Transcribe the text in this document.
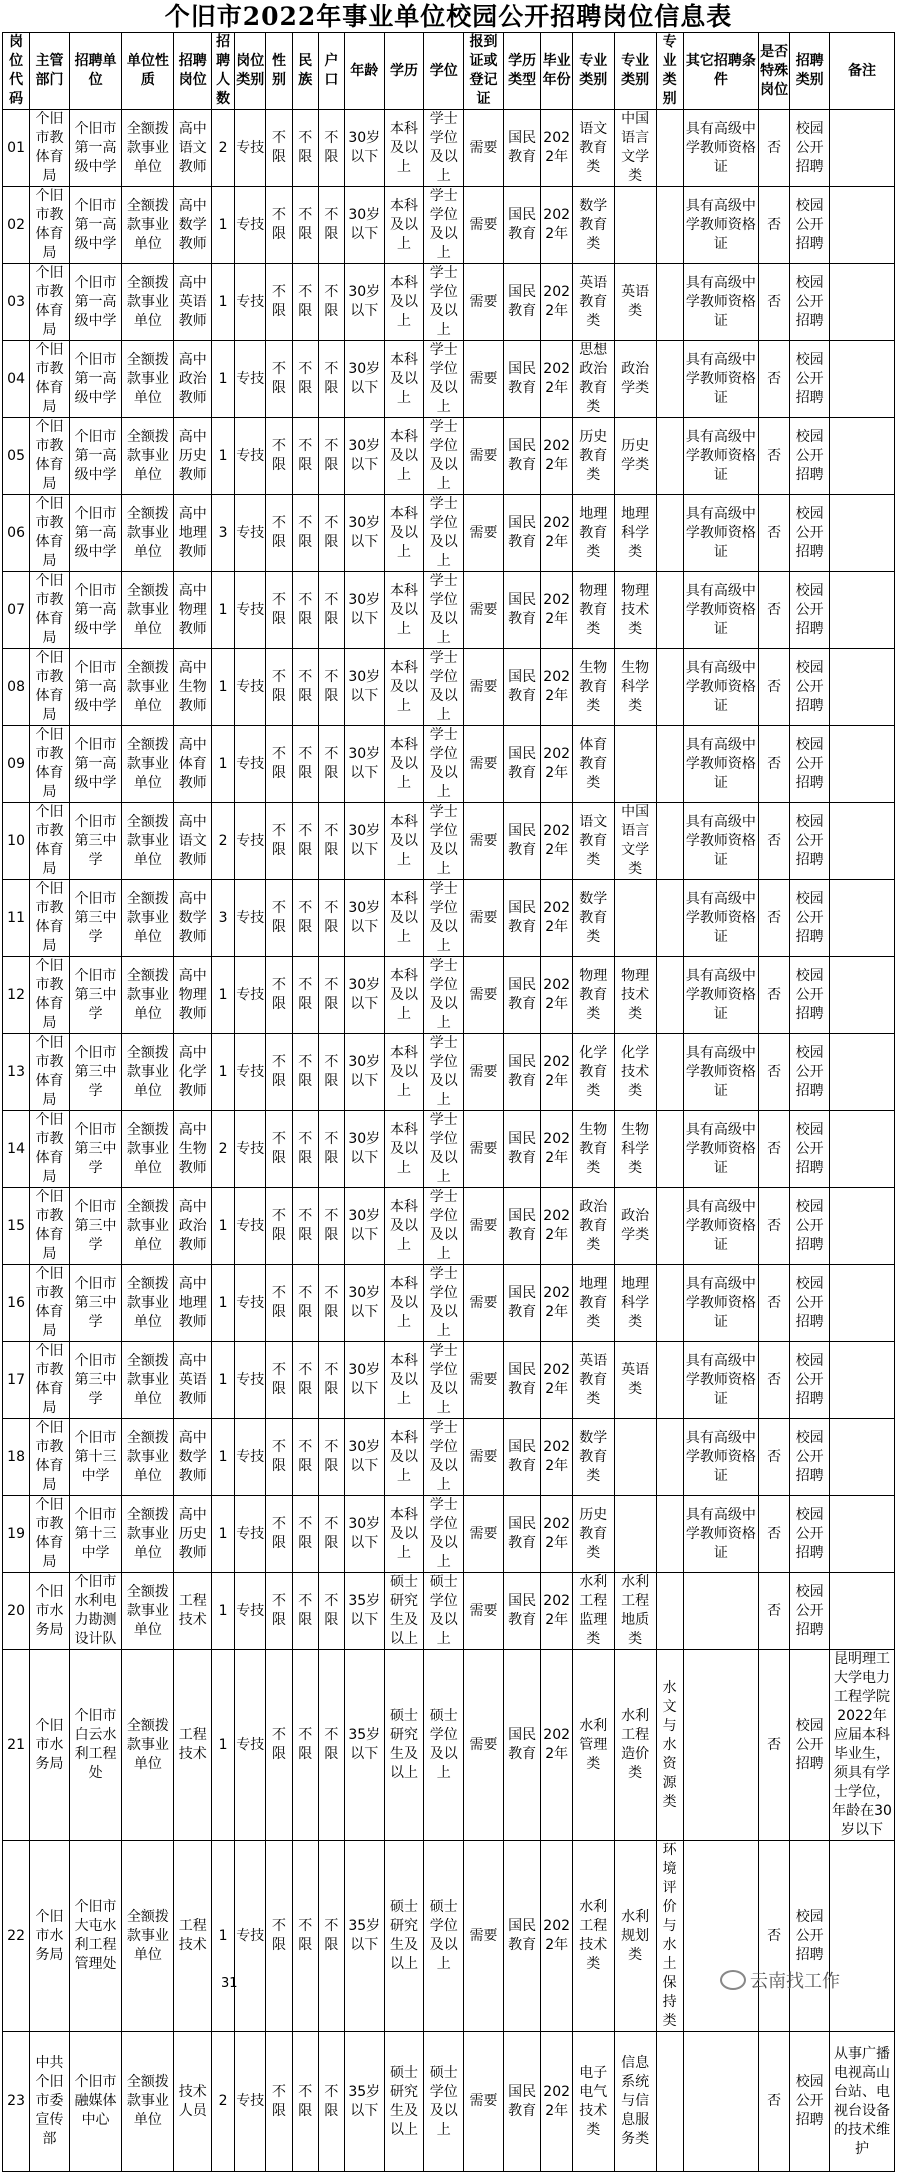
个旧市2022年事业单位校园公开招聘岗位信息表
岗位代码	主管部门	招聘单位	单位性质	招聘岗位	招聘人数	岗位类别	性别	民族	户口	年龄	学历	学位	报到证或登记证	学历类型	毕业年份	专业类别	专业类别	专业类别	其它招聘条件	是否特殊岗位	招聘类别	备注
01	个旧市教体育局	个旧市第一高级中学	全额拨款事业单位	高中语文教师	2	专技	不限	不限	不限	30岁以下	本科及以上	学士学位及以上	需要	国民教育	2022年	语文教育类	中国语言文学类		具有高级中学教师资格证	否	校园公开招聘	
02	个旧市教体育局	个旧市第一高级中学	全额拨款事业单位	高中数学教师	1	专技	不限	不限	不限	30岁以下	本科及以上	学士学位及以上	需要	国民教育	2022年	数学教育类			具有高级中学教师资格证	否	校园公开招聘	
03	个旧市教体育局	个旧市第一高级中学	全额拨款事业单位	高中英语教师	1	专技	不限	不限	不限	30岁以下	本科及以上	学士学位及以上	需要	国民教育	2022年	英语教育类	英语类		具有高级中学教师资格证	否	校园公开招聘	
04	个旧市教体育局	个旧市第一高级中学	全额拨款事业单位	高中政治教师	1	专技	不限	不限	不限	30岁以下	本科及以上	学士学位及以上	需要	国民教育	2022年	思想政治教育类	政治学类		具有高级中学教师资格证	否	校园公开招聘	
05	个旧市教体育局	个旧市第一高级中学	全额拨款事业单位	高中历史教师	1	专技	不限	不限	不限	30岁以下	本科及以上	学士学位及以上	需要	国民教育	2022年	历史教育类	历史学类		具有高级中学教师资格证	否	校园公开招聘	
06	个旧市教体育局	个旧市第一高级中学	全额拨款事业单位	高中地理教师	3	专技	不限	不限	不限	30岁以下	本科及以上	学士学位及以上	需要	国民教育	2022年	地理教育类	地理科学类		具有高级中学教师资格证	否	校园公开招聘	
07	个旧市教体育局	个旧市第一高级中学	全额拨款事业单位	高中物理教师	1	专技	不限	不限	不限	30岁以下	本科及以上	学士学位及以上	需要	国民教育	2022年	物理教育类	物理技术类		具有高级中学教师资格证	否	校园公开招聘	
08	个旧市教体育局	个旧市第一高级中学	全额拨款事业单位	高中生物教师	1	专技	不限	不限	不限	30岁以下	本科及以上	学士学位及以上	需要	国民教育	2022年	生物教育类	生物科学类		具有高级中学教师资格证	否	校园公开招聘	
09	个旧市教体育局	个旧市第一高级中学	全额拨款事业单位	高中体育教师	1	专技	不限	不限	不限	30岁以下	本科及以上	学士学位及以上	需要	国民教育	2022年	体育教育类			具有高级中学教师资格证	否	校园公开招聘	
10	个旧市教体育局	个旧市第三中学	全额拨款事业单位	高中语文教师	2	专技	不限	不限	不限	30岁以下	本科及以上	学士学位及以上	需要	国民教育	2022年	语文教育类	中国语言文学类		具有高级中学教师资格证	否	校园公开招聘	
11	个旧市教体育局	个旧市第三中学	全额拨款事业单位	高中数学教师	3	专技	不限	不限	不限	30岁以下	本科及以上	学士学位及以上	需要	国民教育	2022年	数学教育类			具有高级中学教师资格证	否	校园公开招聘	
12	个旧市教体育局	个旧市第三中学	全额拨款事业单位	高中物理教师	1	专技	不限	不限	不限	30岁以下	本科及以上	学士学位及以上	需要	国民教育	2022年	物理教育类	物理技术类		具有高级中学教师资格证	否	校园公开招聘	
13	个旧市教体育局	个旧市第三中学	全额拨款事业单位	高中化学教师	1	专技	不限	不限	不限	30岁以下	本科及以上	学士学位及以上	需要	国民教育	2022年	化学教育类	化学技术类		具有高级中学教师资格证	否	校园公开招聘	
14	个旧市教体育局	个旧市第三中学	全额拨款事业单位	高中生物教师	2	专技	不限	不限	不限	30岁以下	本科及以上	学士学位及以上	需要	国民教育	2022年	生物教育类	生物科学类		具有高级中学教师资格证	否	校园公开招聘	
15	个旧市教体育局	个旧市第三中学	全额拨款事业单位	高中政治教师	1	专技	不限	不限	不限	30岁以下	本科及以上	学士学位及以上	需要	国民教育	2022年	政治教育类	政治学类		具有高级中学教师资格证	否	校园公开招聘	
16	个旧市教体育局	个旧市第三中学	全额拨款事业单位	高中地理教师	1	专技	不限	不限	不限	30岁以下	本科及以上	学士学位及以上	需要	国民教育	2022年	地理教育类	地理科学类		具有高级中学教师资格证	否	校园公开招聘	
17	个旧市教体育局	个旧市第三中学	全额拨款事业单位	高中英语教师	1	专技	不限	不限	不限	30岁以下	本科及以上	学士学位及以上	需要	国民教育	2022年	英语教育类	英语类		具有高级中学教师资格证	否	校园公开招聘	
18	个旧市教体育局	个旧市第十三中学	全额拨款事业单位	高中数学教师	1	专技	不限	不限	不限	30岁以下	本科及以上	学士学位及以上	需要	国民教育	2022年	数学教育类			具有高级中学教师资格证	否	校园公开招聘	
19	个旧市教体育局	个旧市第十三中学	全额拨款事业单位	高中历史教师	1	专技	不限	不限	不限	30岁以下	本科及以上	学士学位及以上	需要	国民教育	2022年	历史教育类			具有高级中学教师资格证	否	校园公开招聘	
20	个旧市水务局	个旧市水利电力勘测设计队	全额拨款事业单位	工程技术	1	专技	不限	不限	不限	35岁以下	硕士研究生及以上	硕士学位及以上	需要	国民教育	2022年	水利工程监理类	水利工程地质类			否	校园公开招聘	
21	个旧市水务局	个旧市白云水利工程处	全额拨款事业单位	工程技术	1	专技	不限	不限	不限	35岁以下	硕士研究生及以上	硕士学位及以上	需要	国民教育	2022年	水利管理类	水利工程造价类	水文与水资源类		否	校园公开招聘	昆明理工大学电力工程学院2022年应届本科毕业生，须具有学士学位，年龄在30岁以下
22	个旧市水务局	个旧市大屯水利工程管理处	全额拨款事业单位	工程技术	1	专技	不限	不限	不限	35岁以下	硕士研究生及以上	硕士学位及以上	需要	国民教育	2022年	水利工程技术类	水利规划类	环境评价与水土保持类		否	校园公开招聘	
23	中共个旧市委宣传部	个旧市融媒体中心	全额拨款事业单位	技术人员	2	专技	不限	不限	不限	35岁以下	硕士研究生及以上	硕士学位及以上	需要	国民教育	2022年	电子电气技术类	信息系统与信息服务类			否	校园公开招聘	从事广播电视高山台站、电视台设备的技术维护
31	云南找工作
